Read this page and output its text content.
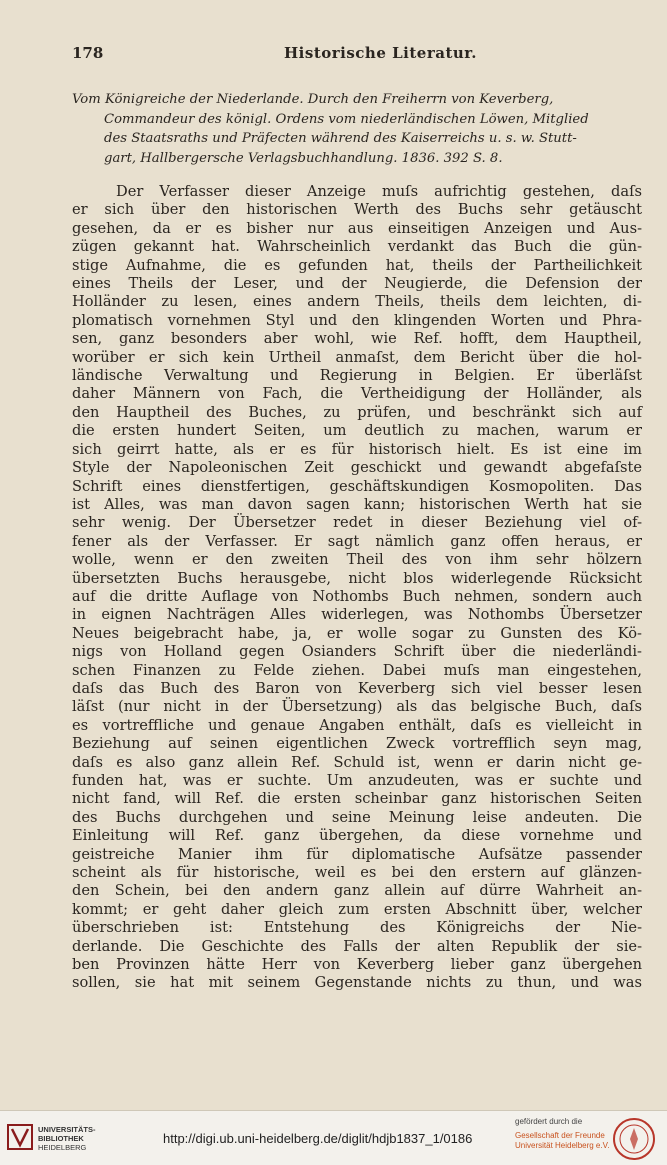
178	Historische Literatur.
Vom Königreiche der Niederlande. Durch den Freiherrn von Keverberg,
Commandeur des königl. Ordens vom niederländischen Löwen, Mitglied
des Staatsraths und Präfecten während des Kaiserreichs u. s. w. Stutt-
gart, Hallbergersche Verlagsbuchhandlung. 1836. 392 S. 8.
Der Verfasser dieser Anzeige muſs aufrichtig gestehen, daſs
er sich über den historischen Werth des Buchs sehr getäuscht
gesehen, da er es bisher nur aus einseitigen Anzeigen und Aus-
zügen gekannt hat. Wahrscheinlich verdankt das Buch die gün-
stige Aufnahme, die es gefunden hat, theils der Partheilichkeit
eines Theils der Leser, und der Neugierde, die Defension der
Holländer zu lesen, eines andern Theils, theils dem leichten, di-
plomatisch vornehmen Styl und den klingenden Worten und Phra-
sen, ganz besonders aber wohl, wie Ref. hofft, dem Hauptheil,
worüber er sich kein Urtheil anmaſst, dem Bericht über die hol-
ländische Verwaltung und Regierung in Belgien. Er überläſst
daher Männern von Fach, die Vertheidigung der Holländer, als
den Hauptheil des Buches, zu prüfen, und beschränkt sich auf
die ersten hundert Seiten, um deutlich zu machen, warum er
sich geirrt hatte, als er es für historisch hielt. Es ist eine im
Style der Napoleonischen Zeit geschickt und gewandt abgefaſste
Schrift eines dienstfertigen, geschäftskundigen Kosmopoliten. Das
ist Alles, was man davon sagen kann; historischen Werth hat sie
sehr wenig. Der Übersetzer redet in dieser Beziehung viel of-
fener als der Verfasser. Er sagt nämlich ganz offen heraus, er
wolle, wenn er den zweiten Theil des von ihm sehr hölzern
übersetzten Buchs herausgebe, nicht blos widerlegende Rücksicht
auf die dritte Auflage von Nothombs Buch nehmen, sondern auch
in eignen Nachträgen Alles widerlegen, was Nothombs Übersetzer
Neues beigebracht habe, ja, er wolle sogar zu Gunsten des Kö-
nigs von Holland gegen Osianders Schrift über die niederländi-
schen Finanzen zu Felde ziehen. Dabei muſs man eingestehen,
daſs das Buch des Baron von Keverberg sich viel besser lesen
läſst (nur nicht in der Übersetzung) als das belgische Buch, daſs
es vortreffliche und genaue Angaben enthält, daſs es vielleicht in
Beziehung auf seinen eigentlichen Zweck vortrefflich seyn mag,
daſs es also ganz allein Ref. Schuld ist, wenn er darin nicht ge-
funden hat, was er suchte. Um anzudeuten, was er suchte und
nicht fand, will Ref. die ersten scheinbar ganz historischen Seiten
des Buchs durchgehen und seine Meinung leise andeuten. Die
Einleitung will Ref. ganz übergehen, da diese vornehme und
geistreiche Manier ihm für diplomatische Aufsätze passender
scheint als für historische, weil es bei den erstern auf glänzen-
den Schein, bei den andern ganz allein auf dürre Wahrheit an-
kommt; er geht daher gleich zum ersten Abschnitt über, welcher
überschrieben ist: Entstehung des Königreichs der Nie-
derlande. Die Geschichte des Falls der alten Republik der sie-
ben Provinzen hätte Herr von Keverberg lieber ganz übergehen
sollen, sie hat mit seinem Gegenstande nichts zu thun, und was
UNIVERSITÄTS-
BIBLIOTHEK
HEIDELBERG
http://digi.ub.uni-heidelberg.de/diglit/hdjb1837_1/0186
gefördert durch die
Gesellschaft der Freunde
Universität Heidelberg e.V.
